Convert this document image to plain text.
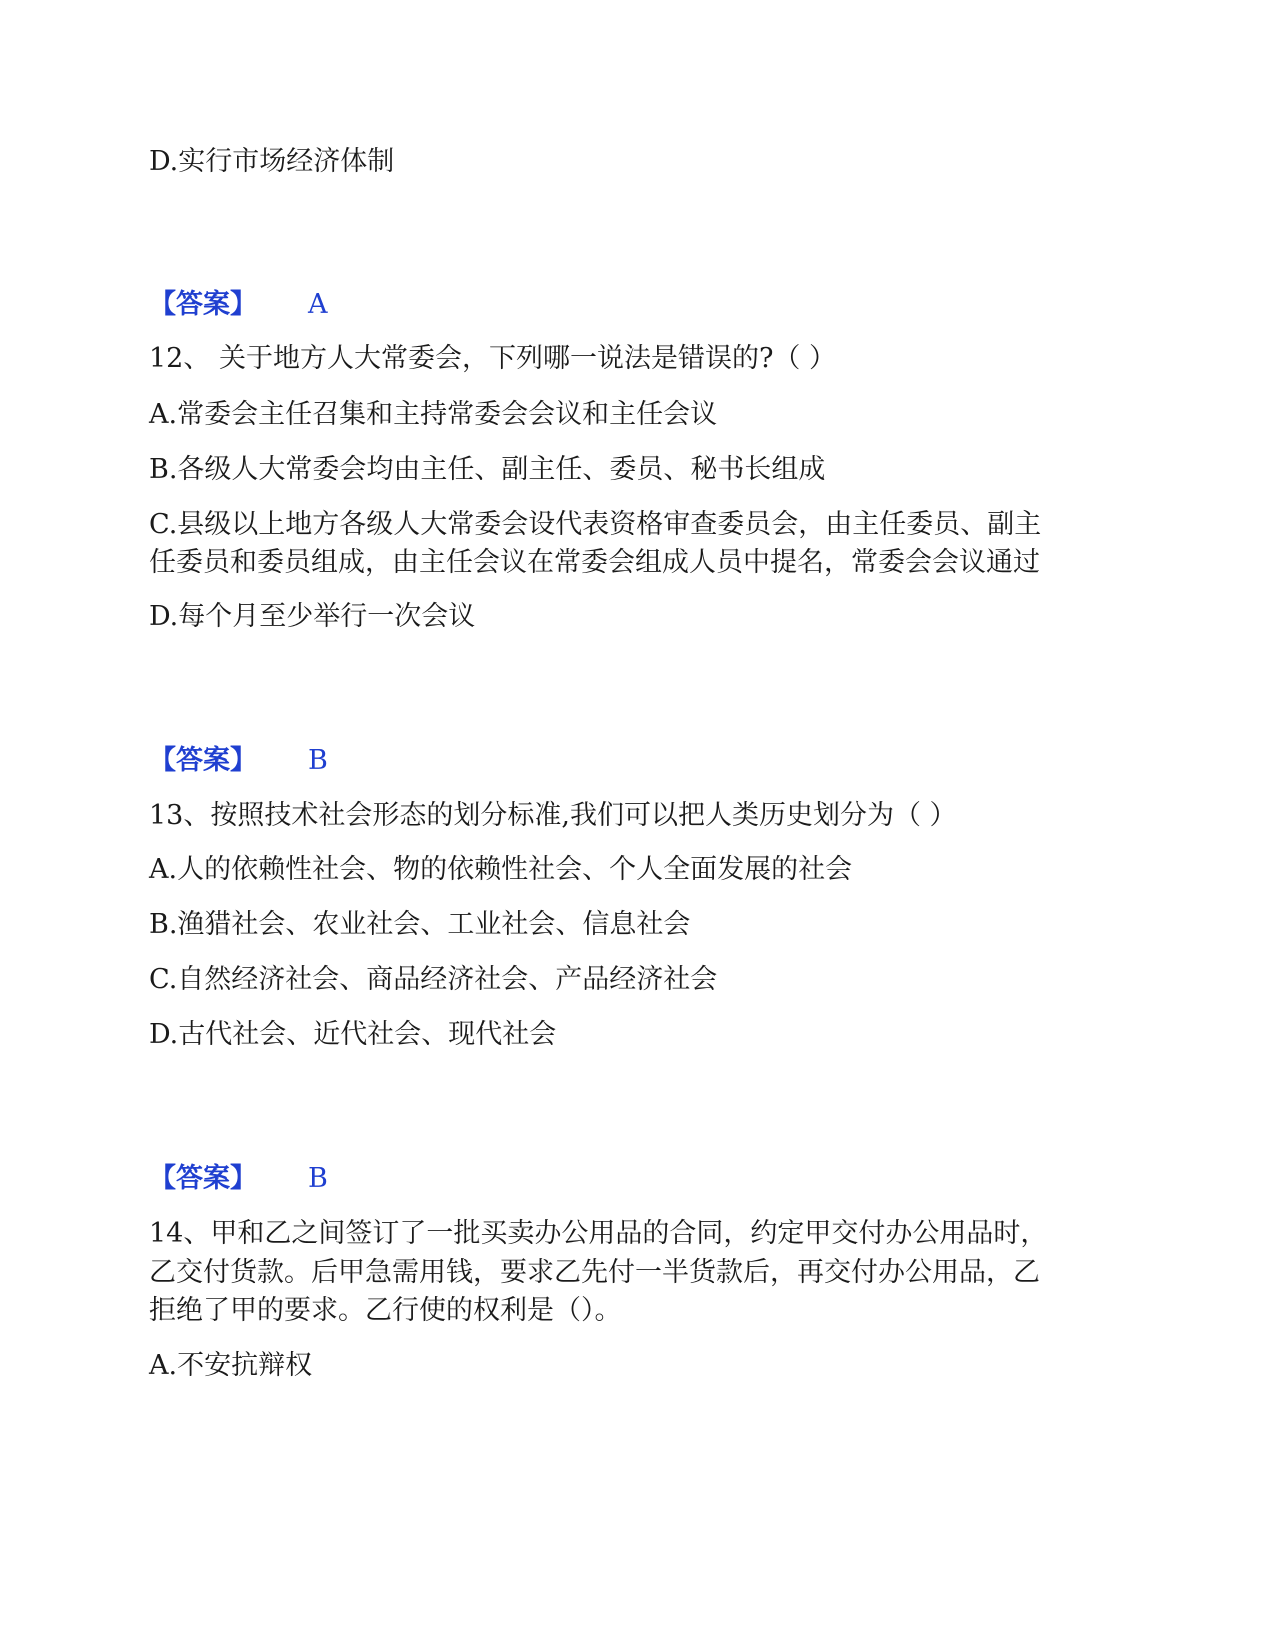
D.实行市场经济体制
【答案】 A
12、 关于地方人大常委会，下列哪一说法是错误的?（ ）
A.常委会主任召集和主持常委会会议和主任会议
B.各级人大常委会均由主任、副主任、委员、秘书长组成
C.县级以上地方各级人大常委会设代表资格审查委员会，由主任委员、副主
任委员和委员组成，由主任会议在常委会组成人员中提名，常委会会议通过
D.每个月至少举行一次会议
【答案】 B
13、按照技术社会形态的划分标准,我们可以把人类历史划分为（ ）
A.人的依赖性社会、物的依赖性社会、个人全面发展的社会
B.渔猎社会、农业社会、工业社会、信息社会
C.自然经济社会、商品经济社会、产品经济社会
D.古代社会、近代社会、现代社会
【答案】 B
14、甲和乙之间签订了一批买卖办公用品的合同，约定甲交付办公用品时，
乙交付货款。后甲急需用钱，要求乙先付一半货款后，再交付办公用品，乙
拒绝了甲的要求。乙行使的权利是（）。
A.不安抗辩权
